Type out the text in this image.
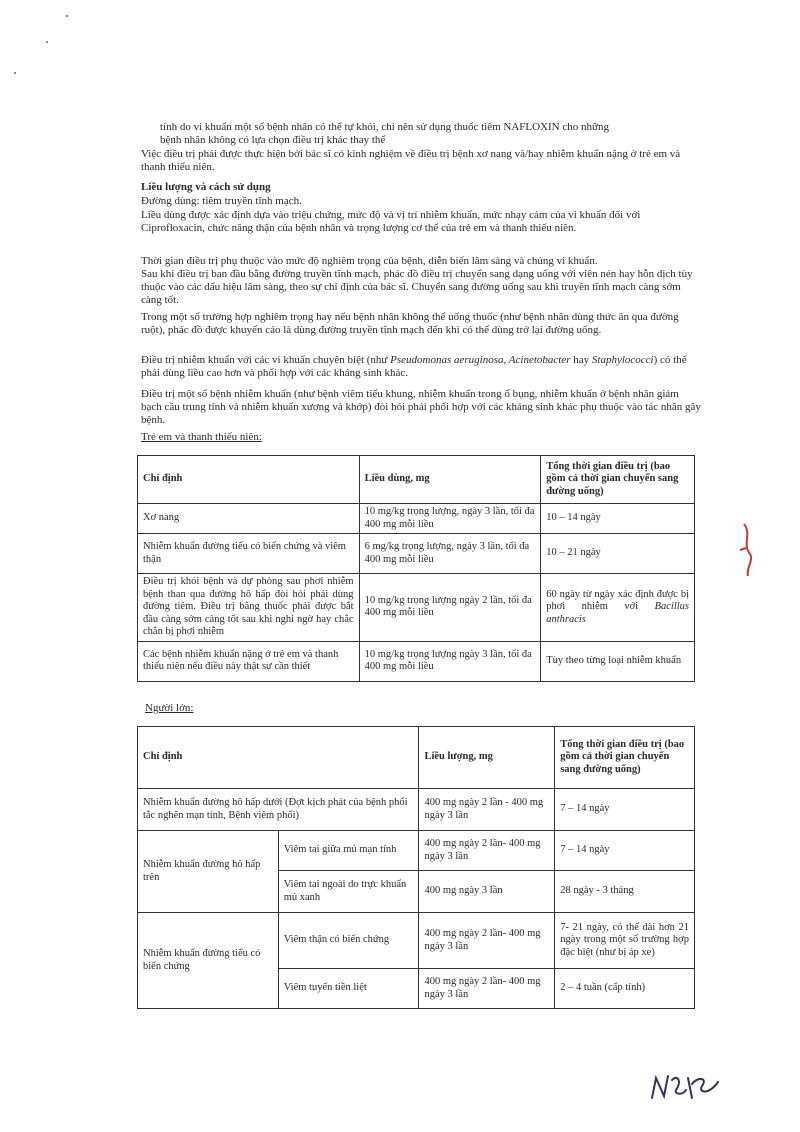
tính do vi khuẩn một số bệnh nhân có thể tự khỏi, chỉ nên sử dụng thuốc tiêm NAFLOXIN cho những

bệnh nhân không có lựa chọn điều trị khác thay thế

Việc điều trị phải được thực hiện bởi bác sĩ có kinh nghiệm về điều trị bệnh xơ nang và/hay nhiễm khuẩn nặng ở trẻ em và thanh thiếu niên.

Liều lượng và cách sử dụng

Đường dùng: tiêm truyền tĩnh mạch.

Liều dùng được xác định dựa vào triệu chứng, mức độ và vị trí nhiễm khuẩn, mức nhạy cảm của vi khuẩn đối với Ciprofloxacin, chức năng thận của bệnh nhân và trọng lượng cơ thể của trẻ em và thanh thiếu niên.

Thời gian điều trị phụ thuộc vào mức độ nghiêm trọng của bệnh, diễn biến lâm sàng và chủng vi khuẩn.

Sau khi điều trị ban đầu bằng đường truyền tĩnh mạch, phác đồ điều trị chuyển sang dạng uống với viên nén hay hỗn dịch tùy thuộc vào các dấu hiệu lâm sàng, theo sự chỉ định của bác sĩ. Chuyển sang đường uống sau khi truyền tĩnh mạch càng sớm càng tốt.

Trong một số trường hợp nghiêm trọng hay nếu bệnh nhân không thể uống thuốc (như bệnh nhân dùng thức ăn qua đường ruột), phác đồ được khuyến cáo là dùng đường truyền tĩnh mạch đến khi có thể dùng trở lại đường uống.

Điều trị nhiễm khuẩn với các vi khuẩn chuyên biệt (như Pseudomonas aeruginosa, Acinetobacter hay Staphylococci) có thể phải dùng liều cao hơn và phối hợp với các kháng sinh khác.

Điều trị một số bệnh nhiễm khuẩn (như bệnh viêm tiểu khung, nhiễm khuẩn trong ổ bụng, nhiễm khuẩn ở bệnh nhân giảm bạch cầu trung tính và nhiễm khuẩn xương và khớp) đòi hỏi phải phối hợp với các kháng sinh khác phụ thuộc vào tác nhân gây bệnh.

Trẻ em và thanh thiếu niên:

Chỉ định	Liều dùng, mg	Tổng thời gian điều trị (bao gồm cả thời gian chuyển sang đường uống)
Xơ nang	10 mg/kg trọng lượng, ngày 3 lần, tối đa 400 mg mỗi liều	10 – 14 ngày
Nhiễm khuẩn đường tiểu có biến chứng và viêm thận	6 mg/kg trọng lượng, ngày 3 lần, tối đa 400 mg mỗi liều	10 – 21 ngày
Điều trị khỏi bệnh và dự phòng sau phơi nhiễm bệnh than qua đường hô hấp đòi hỏi phải dùng đường tiêm. Điều trị bằng thuốc phải được bắt đầu càng sớm càng tốt sau khi nghi ngờ hay chắc chắn bị phơi nhiễm	10 mg/kg trọng lượng ngày 2 lần, tối đa 400 mg mỗi liều	60 ngày từ ngày xác định được bị phơi nhiễm với Bacillus anthracis
Các bệnh nhiễm khuẩn nặng ở trẻ em và thanh thiếu niên nếu điều này thật sự cần thiết	10 mg/kg trọng lượng ngày 3 lần, tối đa 400 mg mỗi liều	Tùy theo từng loại nhiễm khuẩn

Người lớn:

Chỉ định		Liều lượng, mg	Tổng thời gian điều trị (bao gồm cả thời gian chuyển sang đường uống)
Nhiễm khuẩn đường hô hấp dưới (Đợt kịch phát của bệnh phổi tắc nghẽn mạn tính, Bệnh viêm phổi)		400 mg ngày 2 lần - 400 mg ngày 3 lần	7 – 14 ngày
Nhiễm khuẩn đường hô hấp trên	Viêm tai giữa mủ mạn tính	400 mg ngày 2 lần- 400 mg ngày 3 lần	7 – 14 ngày
	Viêm tai ngoài do trực khuẩn mủ xanh	400 mg ngày 3 lần	28 ngày - 3 tháng
Nhiễm khuẩn đường tiểu có biến chứng	Viêm thận có biến chứng	400 mg ngày 2 lần- 400 mg ngày 3 lần	7- 21 ngày, có thể dài hơn 21 ngày trong một số trường hợp đặc biệt (như bị áp xe)
	Viêm tuyến tiền liệt	400 mg ngày 2 lần- 400 mg ngày 3 lần	2 – 4 tuần (cấp tính)
